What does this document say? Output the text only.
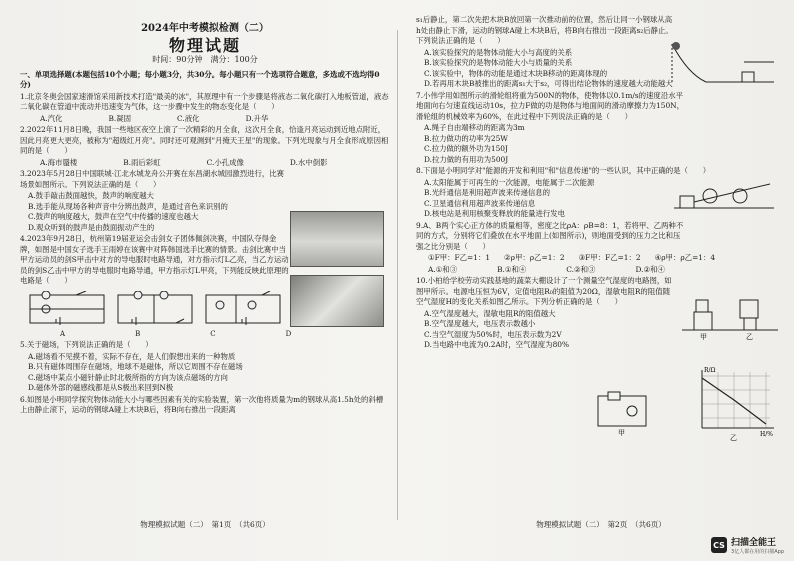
2024年中考模拟检测（二）
物理试题
时间：90分钟　满分：100分
一、单项选择题(本题包括10个小题；每小题3分，共30分。每小题只有一个选项符合题意，多选或不选均得0分)
1.北京冬奥会国家速滑馆采用新技术打造"最美的冰"，其原理中有一个步骤是将液态二氧化碳打入地板管道，液态二氧化碳在管道中流动并迅速变为气体，这一步骤中发生的物态变化是（　　）
A.汽化	B.凝固	C.液化	D.升华
2.2022年11月8日晚，我国一些地区夜空上演了一次精彩的月全食，这次月全食，恰逢月亮运动到近地点附近，因此月亮更大更亮，被称为"超级红月亮"。同时还可观测到"月掩天王星"的现象。下列光现象与月全食形成原因相同的是（　　）
A.海市蜃楼	B.雨后彩虹	C.小孔成像	D.水中倒影
3.2023年5月28日中国联城·江北水城龙舟公开赛在东昌湖水城园激烈进行，比赛场景如图所示。下列说法正确的是（　　）
A.鼓手敲击鼓面越快，鼓声的响度越大
B.选手能从现场各种声音中分辨出鼓声，是通过音色来识别的
C.鼓声的响度越大，鼓声在空气中传播的速度也越大
D.观众听到的鼓声是由鼓面振动产生的
4.2023年9月28日，杭州第19届亚运会击剑女子团体佩剑决赛，中国队夺得金牌，如图是中国女子选手王雨婷在该赛中对阵韩国选手比赛的情景。击剑比赛中当甲方运动员的剑S甲击中对方的导电服时电路导通，对方指示灯L乙亮，当乙方运动员的剑S乙击中甲方的导电服时电路导通，甲方指示灯L甲亮，下列能反映此原理的电路是（　　）
A	B	C	D
5.关于磁场，下列说法正确的是（　　）
A.磁场看不见摸不着，实际不存在，是人们假想出来的一种物质
B.只有磁体周围存在磁场，地球不是磁体，所以它周围不存在磁场
C.磁场中某点小磁针静止时北极所指的方向为该点磁场的方向
D.磁体外部的磁感线都是从S极出来回到N极
6.如图是小明同学探究物体动能大小与哪些因素有关的实验装置，第一次他将质量为m的钢球从高1.5h处的斜槽上由静止滚下，运动的钢球A碰上木块B后，将B向右推出一段距离
物理模拟试题（二）　第1页　（共6页）
s₁后静止，第二次先把木块B放回第一次推动前的位置，然后让同一小钢球从高h处由静止下滑，运动的钢球A碰上木块B后，将B向右推出一段距离s₂后静止。下列说法正确的是（　　）
A.该实验探究的是物体动能大小与高度的关系
B.该实验探究的是物体动能大小与质量的关系
C.该实验中，物体的动能是通过木块B移动的距离体现的
D.若再用木块B被推出的距离s₁大于s₂，可得出结论物体的速度越大动能越大
7.小伟学用如图所示的滑轮组将重为500N的物体，使物体以0.1m/s的速度沿水平地面向右匀速直线运动10s，拉力F做的功是物体与地面间的滑动摩擦力为150N，滑轮组的机械效率为60%，在此过程中下列说法正确的是（　　）
A.绳子自由端移动的距离为3m
B.拉力做功的功率为25W
C.拉力做的额外功为150J
D.拉力做的有用功为500J
8.下面是小明同学对"能源的开发和利用"和"信息传递"的一些认识，其中正确的是（　　）
A.太阳能属于可再生的一次能源，电能属于二次能源
B.光纤通信是利用超声波来传递信息的
C.卫星通信利用超声波来传递信息
D.核电站是利用核聚变释放的能量进行发电
9.A、B两个实心正方体的质量相等，密度之比ρA：ρB=8：1，若将甲、乙两种不同的方式，分别将它们叠放在水平地面上(如图所示)，则地面受到的压力之比和压强之比分别是（　　）
①F甲：F乙=1：1 ②ρ甲：ρ乙=1：2 ③F甲：F乙=1：2 ④ρ甲：ρ乙=1：4
A.①和③	B.①和④	C.②和③	D.②和④
甲	乙
10.小柏给学校劳动实践基地的蔬菜大棚设计了一个测量空气湿度的电路图，如图甲所示。电源电压恒为6V，定值电阻R₀的阻值为20Ω，湿敏电阻R的阻值随空气湿度H的变化关系如图乙所示。下列分析正确的是（　　）
A.空气湿度越大，湿敏电阻R的阻值越大
B.空气湿度越大，电压表示数越小
C.当空气湿度为50%时，电压表示数为2V
D.当电路中电流为0.2A时，空气湿度为80%
甲
R/Ω
H/%
乙
物理模拟试题（二）　第2页　（共6页）
CS 扫描全能王
3亿人都在用的扫描App
